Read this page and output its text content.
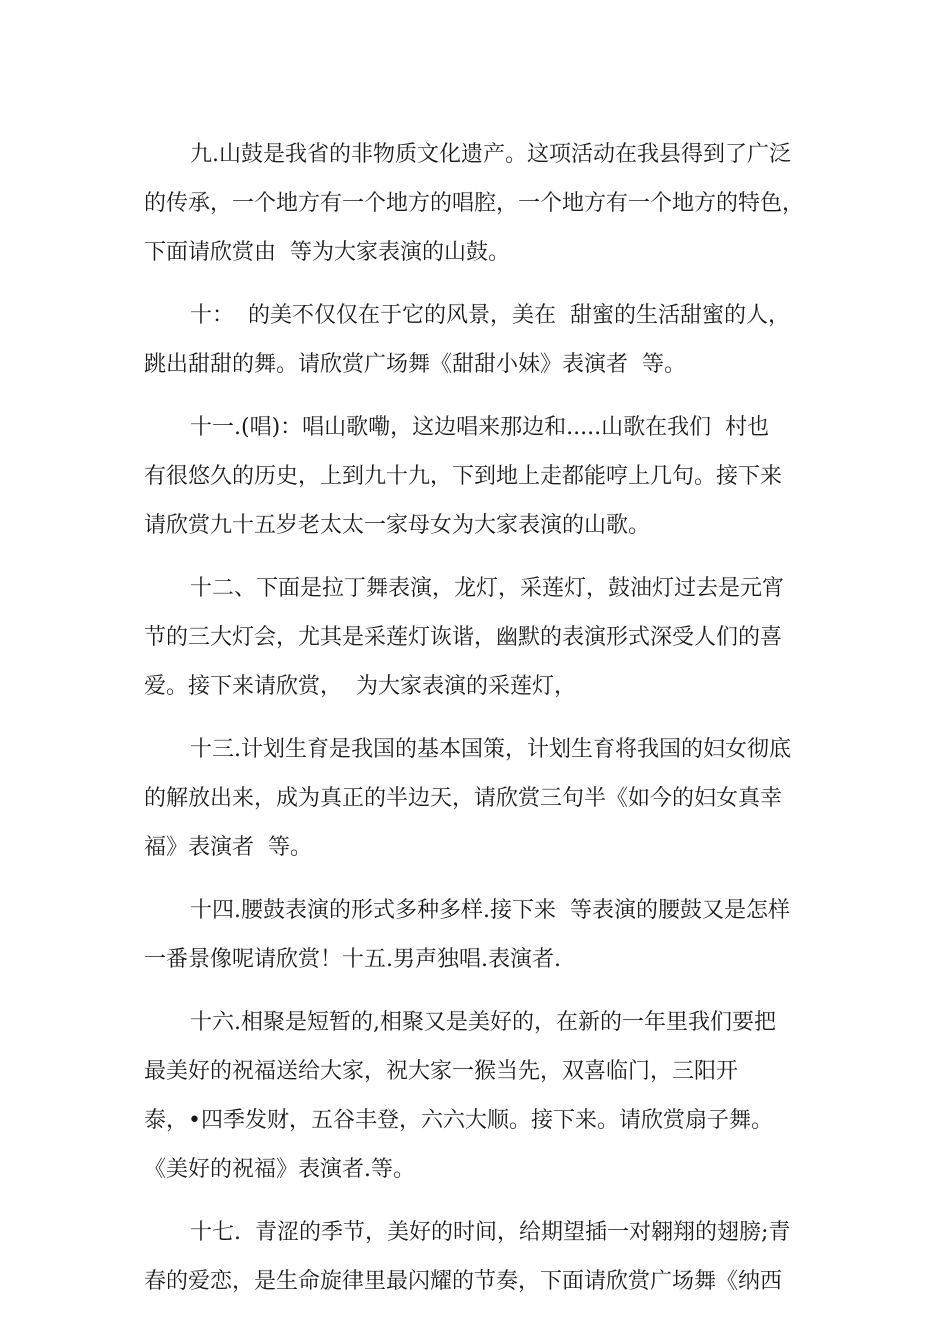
九.山鼓是我省的非物质文化遗产。这项活动在我县得到了广泛
的传承，一个地方有一个地方的唱腔，一个地方有一个地方的特色，
下面请欣赏由  等为大家表演的山鼓。
十：  的美不仅仅在于它的风景，美在  甜蜜的生活甜蜜的人，
跳出甜甜的舞。请欣赏广场舞《甜甜小妹》表演者  等。
十一.(唱)：唱山歌嘞，这边唱来那边和.....山歌在我们  村也
有很悠久的历史，上到九十九，下到地上走都能哼上几句。接下来
请欣赏九十五岁老太太一家母女为大家表演的山歌。
十二、下面是拉丁舞表演，龙灯，采莲灯，鼓油灯过去是元宵
节的三大灯会，尤其是采莲灯诙谐，幽默的表演形式深受人们的喜
爱。接下来请欣赏，  为大家表演的采莲灯，
十三.计划生育是我国的基本国策，计划生育将我国的妇女彻底
的解放出来，成为真正的半边天，请欣赏三句半《如今的妇女真幸
福》表演者  等。
十四.腰鼓表演的形式多种多样.接下来  等表演的腰鼓又是怎样
一番景像呢请欣赏！十五.男声独唱.表演者.
十六.相聚是短暂的,相聚又是美好的，在新的一年里我们要把
最美好的祝福送给大家，祝大家一猴当先，双喜临门，三阳开
泰，•四季发财，五谷丰登，六六大顺。接下来。请欣赏扇子舞。
《美好的祝福》表演者.等。
十七.  青涩的季节，美好的时间，给期望插一对翱翔的翅膀;青
春的爱恋，是生命旋律里最闪耀的节奏，下面请欣赏广场舞《纳西
